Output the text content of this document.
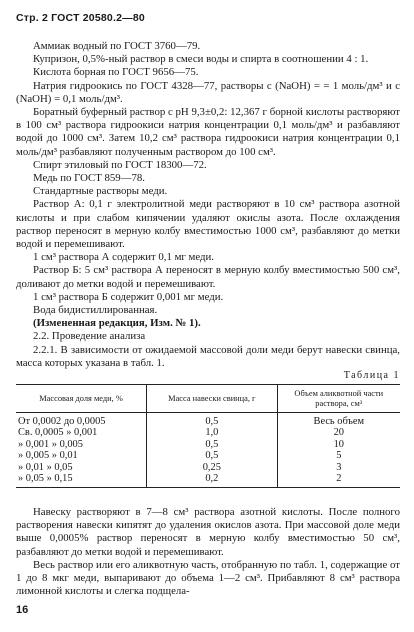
Стр. 2 ГОСТ 20580.2—80

Аммиак водный по ГОСТ 3760—79.

Купризон, 0,5%-ный раствор в смеси воды и спирта в соотношении 4 : 1.

Кислота борная по ГОСТ 9656—75.

Натрия гидроокись по ГОСТ 4328—77, растворы с (NaOH) = = 1 моль/дм³ и с (NaOH) = 0,1 моль/дм³.

Боратный буферный раствор с рН 9,3±0,2: 12,367 г борной кислоты растворяют в 100 см³ раствора гидроокиси натрия концентрации 0,1 моль/дм³ и разбавляют водой до 1000 см³. Затем 10,2 см³ раствора гидроокиси натрия концентрации 0,1 моль/дм³ разбавляют полученным раствором до 100 см³.

Спирт этиловый по ГОСТ 18300—72.

Медь по ГОСТ 859—78.

Стандартные растворы меди.

Раствор А: 0,1 г электролитной меди растворяют в 10 см³ раствора азотной кислоты и при слабом кипячении удаляют окислы азота. После охлаждения раствор переносят в мерную колбу вместимостью 1000 см³, разбавляют до метки водой и перемешивают.

1 см³ раствора А содержит 0,1 мг меди.

Раствор Б: 5 см³ раствора А переносят в мерную колбу вместимостью 500 см³, доливают до метки водой и перемешивают.

1 см³ раствора Б содержит 0,001 мг меди.

Вода бидистиллированная.

(Измененная редакция, Изм. № 1).

2.2. Проведение анализа

2.2.1. В зависимости от ожидаемой массовой доли меди берут навески свинца, масса которых указана в табл. 1.

Таблица 1
Массовая доля меди, %	Масса навески свинца, г	Объем аликвотной части раствора, см³
От 0,0002 до 0,0005	0,5	Весь объем
Св. 0,0005 » 0,001	1,0	20
» 0,001 » 0,005	0,5	10
» 0,005 » 0,01	0,5	5
» 0,01 » 0,05	0,25	3
» 0,05 » 0,15	0,2	2

Навеску растворяют в 7—8 см³ раствора азотной кислоты. После полного растворения навески кипятят до удаления окислов азота. При массовой доле меди выше 0,0005% раствор переносят в мерную колбу вместимостью 50 см³, разбавляют до метки водой и перемешивают.

Весь раствор или его аликвотную часть, отобранную по табл. 1, содержащие от 1 до 8 мкг меди, выпаривают до объема 1—2 см³. Прибавляют 8 см³ раствора лимонной кислоты и слегка подщела-

16
